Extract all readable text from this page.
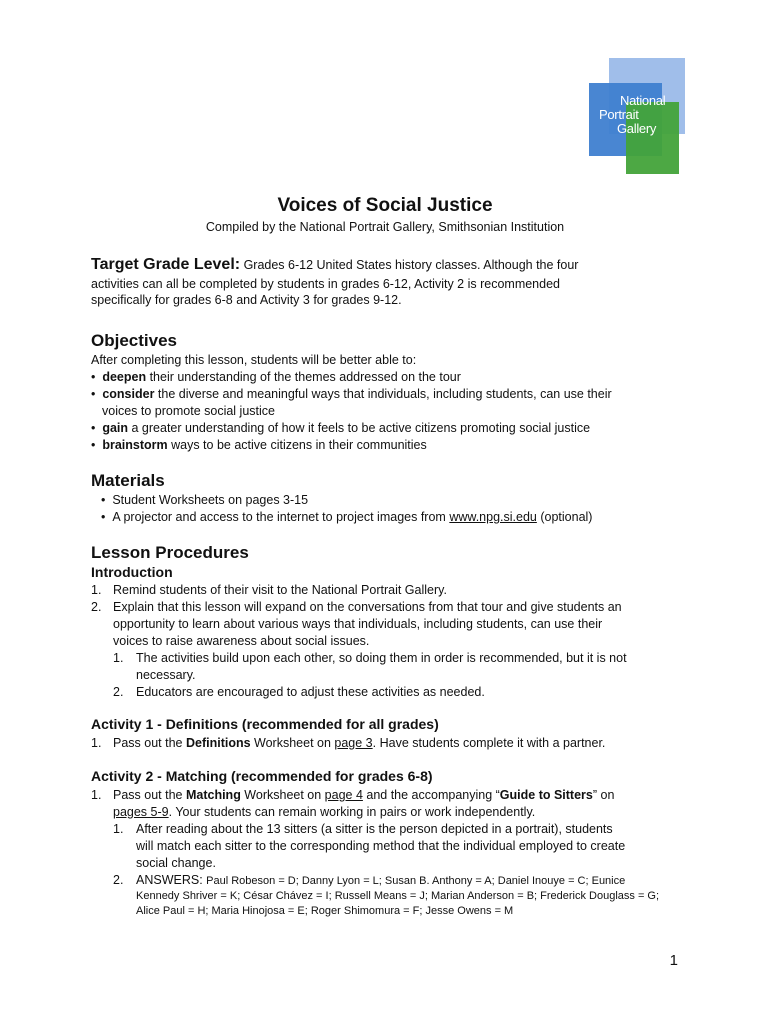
National
Portrait
Gallery
Voices of Social Justice
Compiled by the National Portrait Gallery, Smithsonian Institution
Target Grade Level: Grades 6-12 United States history classes. Although the four
activities can all be completed by students in grades 6-12, Activity 2 is recommended
specifically for grades 6-8 and Activity 3 for grades 9-12.
Objectives
After completing this lesson, students will be better able to:
•  deepen their understanding of the themes addressed on the tour
•  consider the diverse and meaningful ways that individuals, including students, can use their
voices to promote social justice
•  gain a greater understanding of how it feels to be active citizens promoting social justice
•  brainstorm ways to be active citizens in their communities
Materials
•  Student Worksheets on pages 3-15
•  A projector and access to the internet to project images from www.npg.si.edu (optional)
Lesson Procedures
Introduction
1. Remind students of their visit to the National Portrait Gallery.
2. Explain that this lesson will expand on the conversations from that tour and give students an
opportunity to learn about various ways that individuals, including students, can use their
voices to raise awareness about social issues.
1. The activities build upon each other, so doing them in order is recommended, but it is not
necessary.
2. Educators are encouraged to adjust these activities as needed.
Activity 1 - Definitions (recommended for all grades)
1. Pass out the Definitions Worksheet on page 3. Have students complete it with a partner.
Activity 2 - Matching (recommended for grades 6-8)
1. Pass out the Matching Worksheet on page 4 and the accompanying “Guide to Sitters” on
pages 5-9. Your students can remain working in pairs or work independently.
1. After reading about the 13 sitters (a sitter is the person depicted in a portrait), students
will match each sitter to the corresponding method that the individual employed to create
social change.
2. ANSWERS: Paul Robeson = D; Danny Lyon = L; Susan B. Anthony = A; Daniel Inouye = C; Eunice
Kennedy Shriver = K; César Chávez = I; Russell Means = J; Marian Anderson = B; Frederick Douglass = G;
Alice Paul = H; Maria Hinojosa = E; Roger Shimomura = F; Jesse Owens = M
1
